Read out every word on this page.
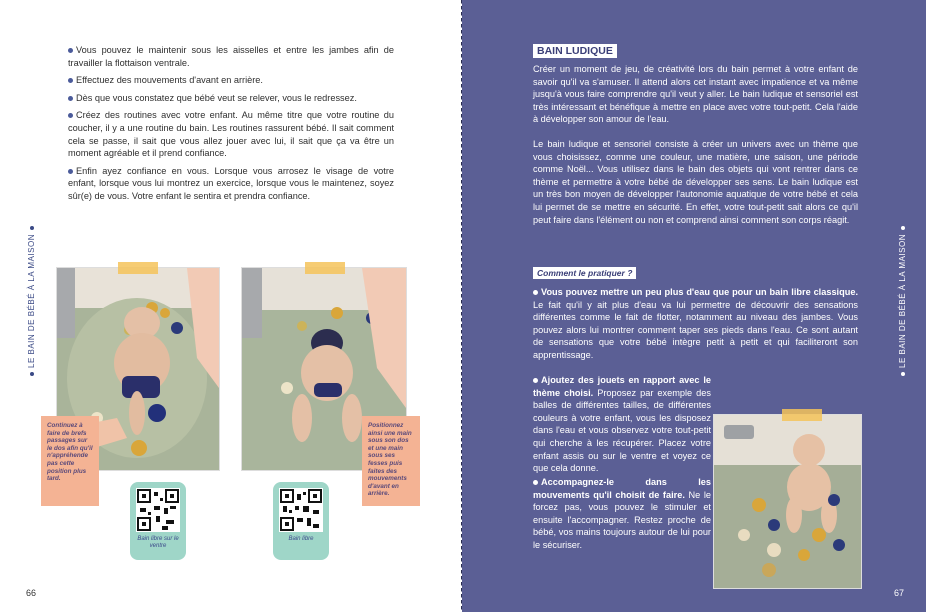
LE BAIN DE BÉBÉ À LA MAISON

Vous pouvez le maintenir sous les aisselles et entre les jambes afin de travailler la flottaison ventrale.

Effectuez des mouvements d'avant en arrière.

Dès que vous constatez que bébé veut se relever, vous le redressez.

Créez des routines avec votre enfant. Au même titre que votre routine du coucher, il y a une routine du bain. Les routines rassurent bébé. Il sait comment cela se passe, il sait que vous allez jouer avec lui, il sait que ça va être un moment agréable et il prend confiance.

Enfin ayez confiance en vous. Lorsque vous arrosez le visage de votre enfant, lorsque vous lui montrez un exercice, lorsque vous le maintenez, soyez sûr(e) de vous. Votre enfant le sentira et prendra confiance.

Continuez à faire de brefs passages sur le dos afin qu'il n'appréhende pas cette position plus tard.
Positionnez ainsi une main sous son dos et une main sous ses fesses puis faites des mouvements d'avant en arrière.
Bain libre sur le ventre
Bain libre
66
LE BAIN DE BÉBÉ À LA MAISON
67
BAIN LUDIQUE

Créer un moment de jeu, de créativité lors du bain permet à votre enfant de savoir qu'il va s'amuser. Il attend alors cet instant avec impatience et va même jusqu'à vous faire comprendre qu'il veut y aller. Le bain ludique et sensoriel est très intéressant et bénéfique à mettre en place avec votre tout-petit. Cela l'aide à développer son amour de l'eau.

Le bain ludique et sensoriel consiste à créer un univers avec un thème que vous choisissez, comme une couleur, une matière, une saison, une période comme Noël... Vous utilisez dans le bain des objets qui vont rentrer dans ce thème et permettre à votre bébé de développer ses sens. Le bain ludique est un très bon moyen de développer l'autonomie aquatique de votre bébé et cela lui permet de se mettre en sécurité. En effet, votre tout-petit sait alors ce qu'il peut faire dans l'élément ou non et comprend ainsi comment son corps réagit.

Comment le pratiquer ?

Vous pouvez mettre un peu plus d'eau que pour un bain libre classique. Le fait qu'il y ait plus d'eau va lui permettre de découvrir des sensations différentes comme le fait de flotter, notamment au niveau des jambes. Vous pouvez alors lui montrer comment taper ses pieds dans l'eau. Ce sont autant de sensations que votre bébé intègre petit à petit et qui faciliteront son apprentissage.

Ajoutez des jouets en rapport avec le thème choisi. Proposez par exemple des balles de différentes tailles, de différentes couleurs à votre enfant, vous les disposez dans l'eau et vous observez votre tout-petit qui cherche à les récupérer. Placez votre enfant assis ou sur le ventre et voyez ce que cela donne.

Accompagnez-le dans les mouvements qu'il choisit de faire. Ne le forcez pas, vous pouvez le stimuler et ensuite l'accompagner. Restez proche de bébé, vos mains toujours autour de lui pour le sécuriser.
